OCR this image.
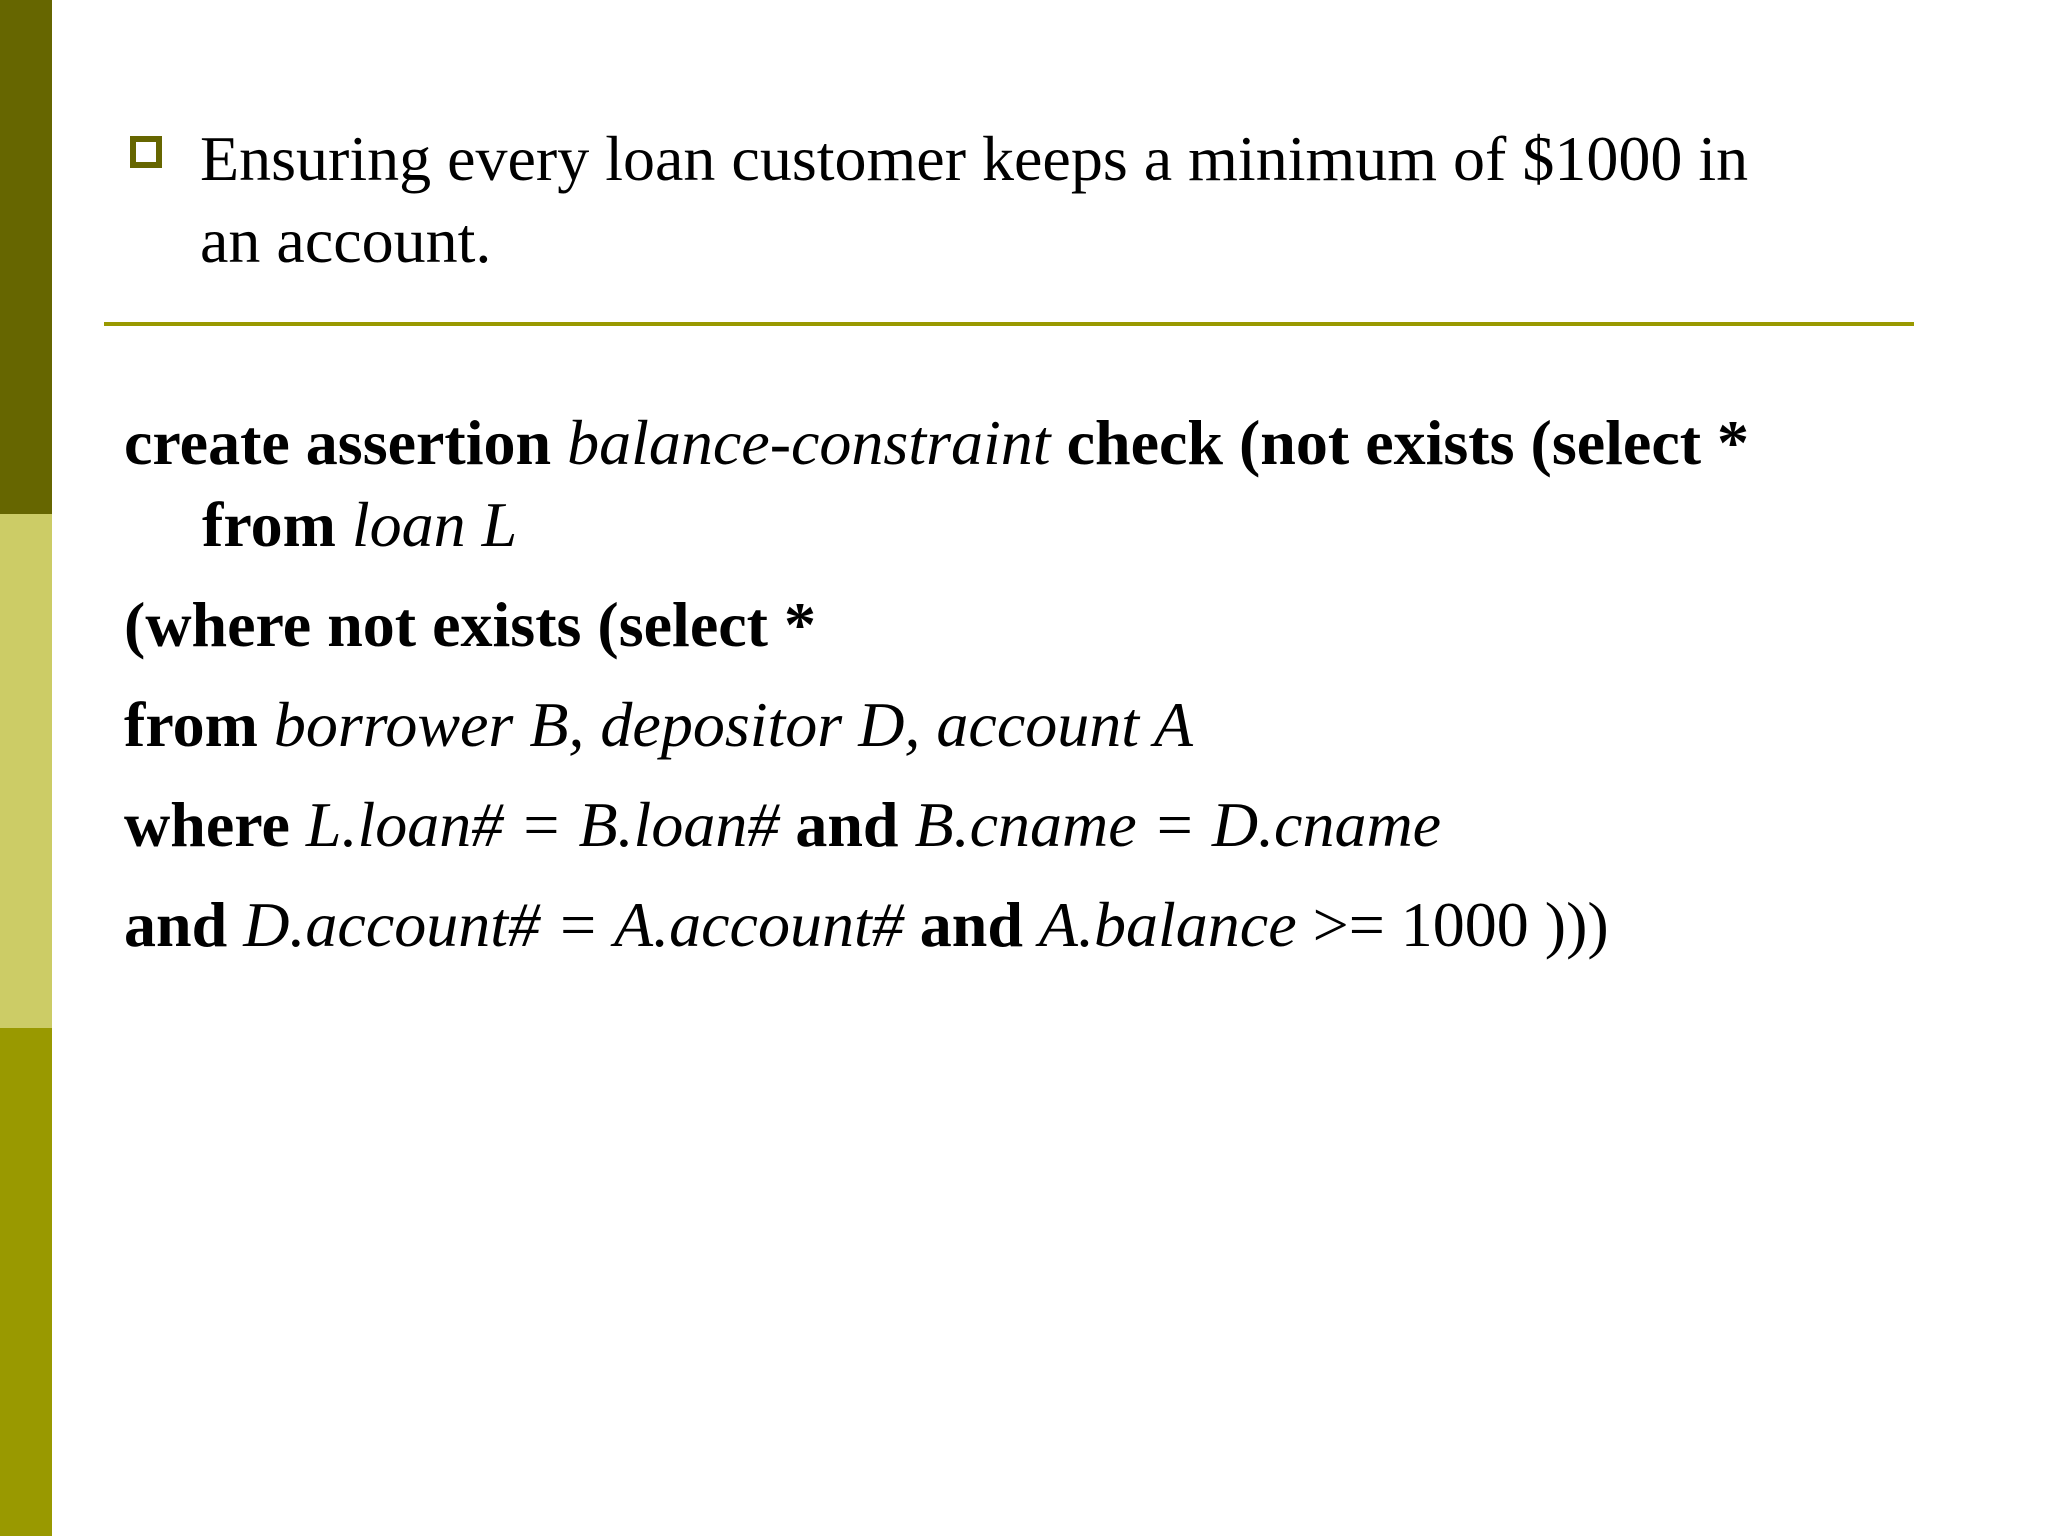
Ensuring every loan customer keeps a minimum of $1000 in
an account.

create assertion balance-constraint check (not exists (select *
from loan L
(where not exists (select *
from borrower B, depositor D, account A
where L.loan# = B.loan# and B.cname = D.cname
and D.account# = A.account# and A.balance >= 1000 )))
